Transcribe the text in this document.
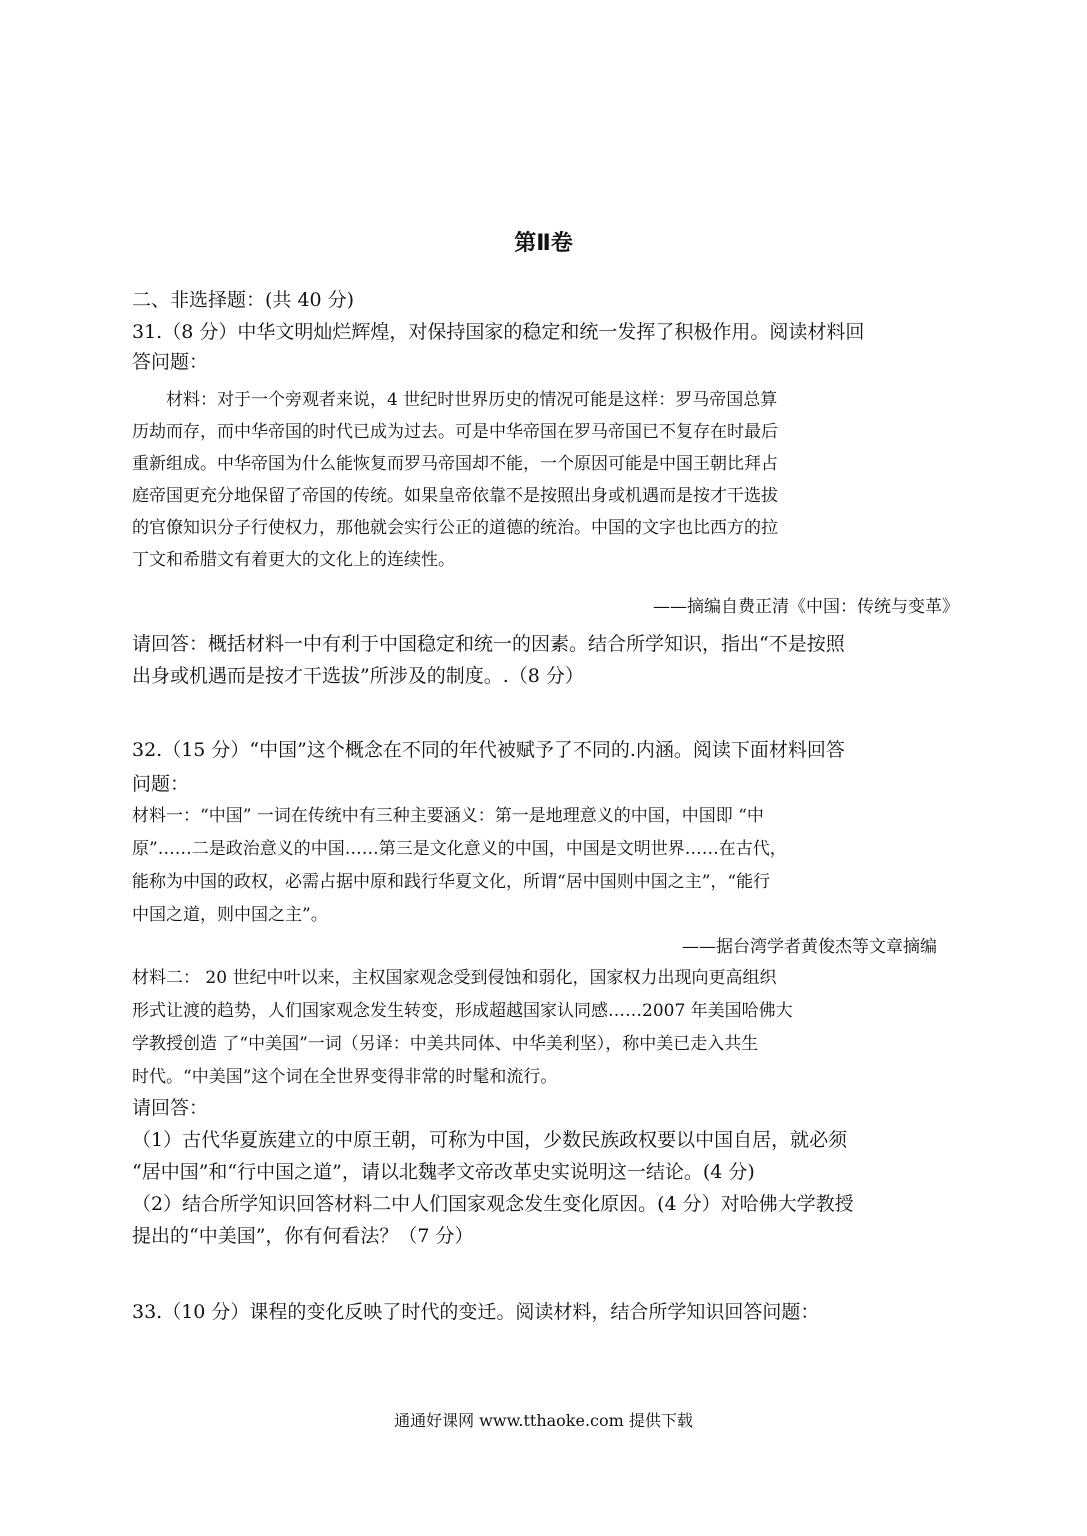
第Ⅱ卷
二、非选择题：(共 40 分)
31.（8 分）中华文明灿烂辉煌，对保持国家的稳定和统一发挥了积极作用。阅读材料回
答问题：
　　材料：对于一个旁观者来说，4 世纪时世界历史的情况可能是这样：罗马帝国总算
历劫而存，而中华帝国的时代已成为过去。可是中华帝国在罗马帝国已不复存在时最后
重新组成。中华帝国为什么能恢复而罗马帝国却不能，一个原因可能是中国王朝比拜占
庭帝国更充分地保留了帝国的传统。如果皇帝依靠不是按照出身或机遇而是按才干选拔
的官僚知识分子行使权力，那他就会实行公正的道德的统治。中国的文字也比西方的拉
丁文和希腊文有着更大的文化上的连续性。
——摘编自费正清《中国：传统与变革》
请回答：概括材料一中有利于中国稳定和统一的因素。结合所学知识，指出“不是按照
出身或机遇而是按才干选拔”所涉及的制度。.（8 分）
32.（15 分）“中国”这个概念在不同的年代被赋予了不同的.内涵。阅读下面材料回答
问题：
材料一：“中国” 一词在传统中有三种主要涵义：第一是地理意义的中国，中国即 “中
原”……二是政治意义的中国……第三是文化意义的中国，中国是文明世界……在古代，
能称为中国的政权，必需占据中原和践行华夏文化，所谓“居中国则中国之主”，“能行
中国之道，则中国之主”。
——据台湾学者黄俊杰等文章摘编
材料二： 20 世纪中叶以来，主权国家观念受到侵蚀和弱化，国家权力出现向更高组织
形式让渡的趋势，人们国家观念发生转变，形成超越国家认同感……2007 年美国哈佛大
学教授创造 了“中美国”一词（另译：中美共同体、中华美利坚），称中美已走入共生
时代。“中美国”这个词在全世界变得非常的时髦和流行。
请回答：
（1）古代华夏族建立的中原王朝，可称为中国，少数民族政权要以中国自居，就必须
“居中国”和“行中国之道”，请以北魏孝文帝改革史实说明这一结论。(4 分)
（2）结合所学知识回答材料二中人们国家观念发生变化原因。(4 分）对哈佛大学教授
提出的“中美国”，你有何看法？（7 分）
33.（10 分）课程的变化反映了时代的变迁。阅读材料，结合所学知识回答问题：
通通好课网 www.tthaoke.com 提供下载
